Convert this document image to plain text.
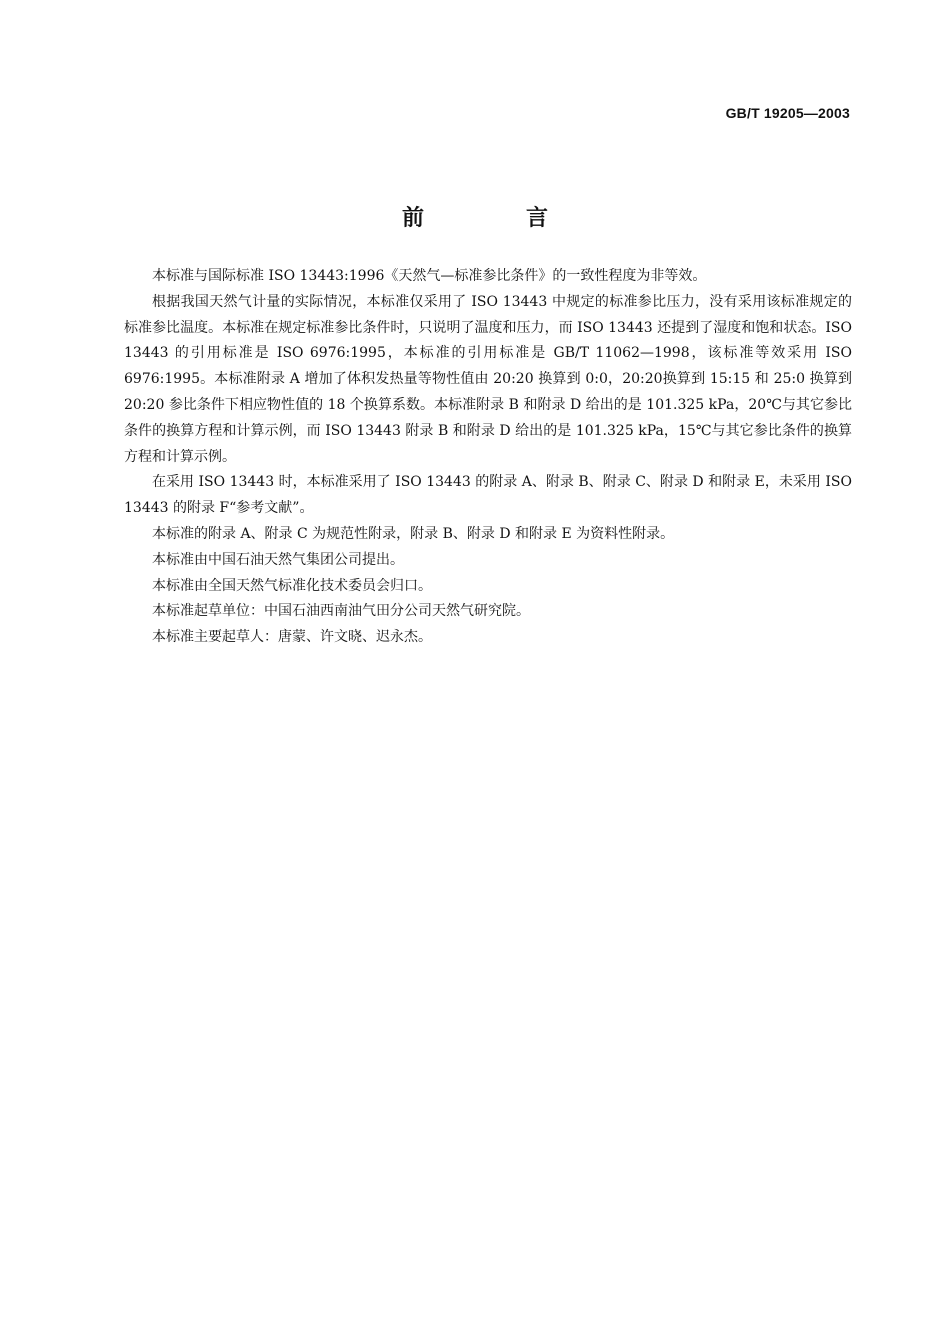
GB/T 19205—2003
前　言

本标准与国际标准 ISO 13443:1996《天然气—标准参比条件》的一致性程度为非等效。

根据我国天然气计量的实际情况，本标准仅采用了 ISO 13443 中规定的标准参比压力，没有采用该标准规定的标准参比温度。本标准在规定标准参比条件时，只说明了温度和压力，而 ISO 13443 还提到了湿度和饱和状态。ISO 13443 的引用标准是 ISO 6976:1995，本标准的引用标准是 GB/T 11062—1998，该标准等效采用 ISO 6976:1995。本标准附录 A 增加了体积发热量等物性值由 20:20 换算到 0:0，20:20换算到 15:15 和 25:0 换算到 20:20 参比条件下相应物性值的 18 个换算系数。本标准附录 B 和附录 D 给出的是 101.325 kPa，20℃与其它参比条件的换算方程和计算示例，而 ISO 13443 附录 B 和附录 D 给出的是 101.325 kPa，15℃与其它参比条件的换算方程和计算示例。

在采用 ISO 13443 时，本标准采用了 ISO 13443 的附录 A、附录 B、附录 C、附录 D 和附录 E，未采用 ISO 13443 的附录 F“参考文献”。

本标准的附录 A、附录 C 为规范性附录，附录 B、附录 D 和附录 E 为资料性附录。

本标准由中国石油天然气集团公司提出。

本标准由全国天然气标准化技术委员会归口。

本标准起草单位：中国石油西南油气田分公司天然气研究院。

本标准主要起草人：唐蒙、许文晓、迟永杰。
